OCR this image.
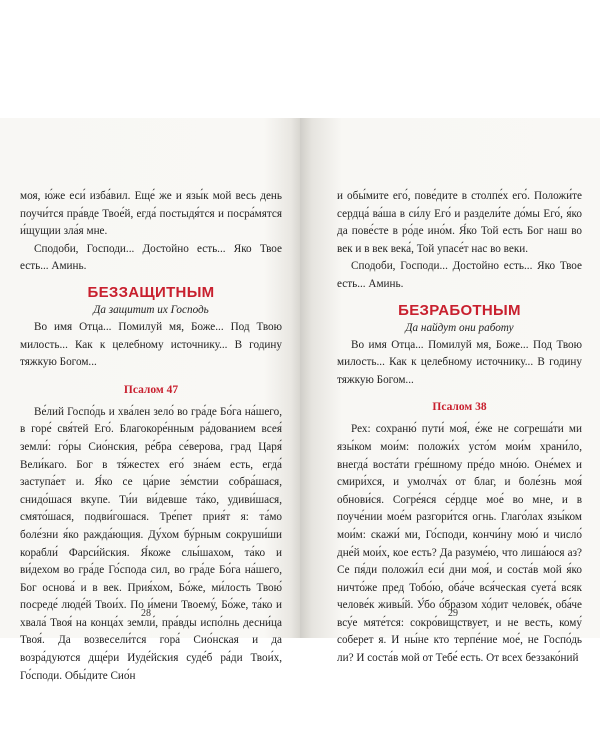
моя, ю́же еси́ изба́вил. Еще́ же и язы́к мой весь день поучи́тся пра́вде Твое́й, егда́ постыдя́тся и посра́мятся и́щущии зла́я мне.

Сподоби, Господи... Достойно есть... Яко Твое есть... Аминь.

БЕЗЗАЩИТНЫМ
Да защитит их Господь

Во имя Отца... Помилуй мя, Боже... Под Твою милость... Как к целебному источнику... В годину тяжкую Богом...

Псалом 47

Ве́лий Госпо́дь и хва́лен зело́ во гра́де Бо́га на́шего, в горе́ свя́тей Его́. Благокоре́нным ра́дованием всея́ земли́: го́ры Сио́нския, ре́бра се́верова, град Царя́ Вели́каго. Бог в тя́жестех его́ зна́ем есть, егда́ заступа́ет и. Я́ко се ца́рие зе́мстии собра́шася, снидо́шася вкупе. Ти́и ви́девше та́ко, удиви́шася, смято́шася, подви́гошася. Тре́пет прия́т я: та́мо боле́зни я́ко ражда́ющия. Ду́хом бу́рным сокруши́ши корабли́ Фарси́йския. Я́коже слы́шахом, та́ко и ви́дехом во гра́де Го́спода сил, во гра́де Бо́га на́шего, Бог основа́ и в век. Прия́хом, Бо́же, ми́лость Твою́ посреде́ люде́й Твои́х. По и́мени Твоему́, Бо́же, та́ко и хвала́ Твоя́ на конца́х земли́, пра́вды испо́лнь десни́ца Твоя́. Да возвесели́тся гора́ Сио́нская и да возра́дуются дще́ри Иуде́йския суде́б ра́ди Твои́х, Го́споди. Обы́дите Сио́н

28

и обы́мите его́, пове́дите в столпе́х его́. Положи́те сердца́ ва́ша в си́лу Его́ и раздели́те до́мы Его́, я́ко да пове́сте в ро́де ино́м. Я́ко Той есть Бог наш во век и в век века́, Той упасе́т нас во веки.

Сподоби, Господи... Достойно есть... Яко Твое есть... Аминь.

БЕЗРАБОТНЫМ
Да найдут они работу

Во имя Отца... Помилуй мя, Боже... Под Твою милость... Как к целебному источнику... В годину тяжкую Богом...

Псалом 38

Рех: сохраню́ пути́ моя́, е́же не согреша́ти ми язы́ком мои́м: положи́х усто́м мои́м храни́ло, внегда́ воста́ти гре́шному пре́до мно́ю. Оне́мех и смири́хся, и умолча́х от благ, и боле́знь моя́ обнови́ся. Согре́яся се́рдце мое́ во мне, и в поуче́нии мое́м разгори́тся огнь. Глаго́лах язы́ком мои́м: скажи́ ми, Го́споди, кончи́ну мою́ и число́ дне́й мои́х, кое есть? Да разуме́ю, что лиша́юся аз? Се пя́ди положи́л еси́ дни моя́, и соста́в мой я́ко ничто́же пред Тобо́ю, оба́че вся́ческая суета́ всяк челове́к живы́й. У́бо о́бразом хо́дит челове́к, оба́че всу́е мяте́тся: сокро́вищствует, и не весть, кому́ соберет я. И ны́не кто терпе́ние мое́, не Госпо́дь ли? И соста́в мой от Тебе́ есть. От всех беззако́ний

29
